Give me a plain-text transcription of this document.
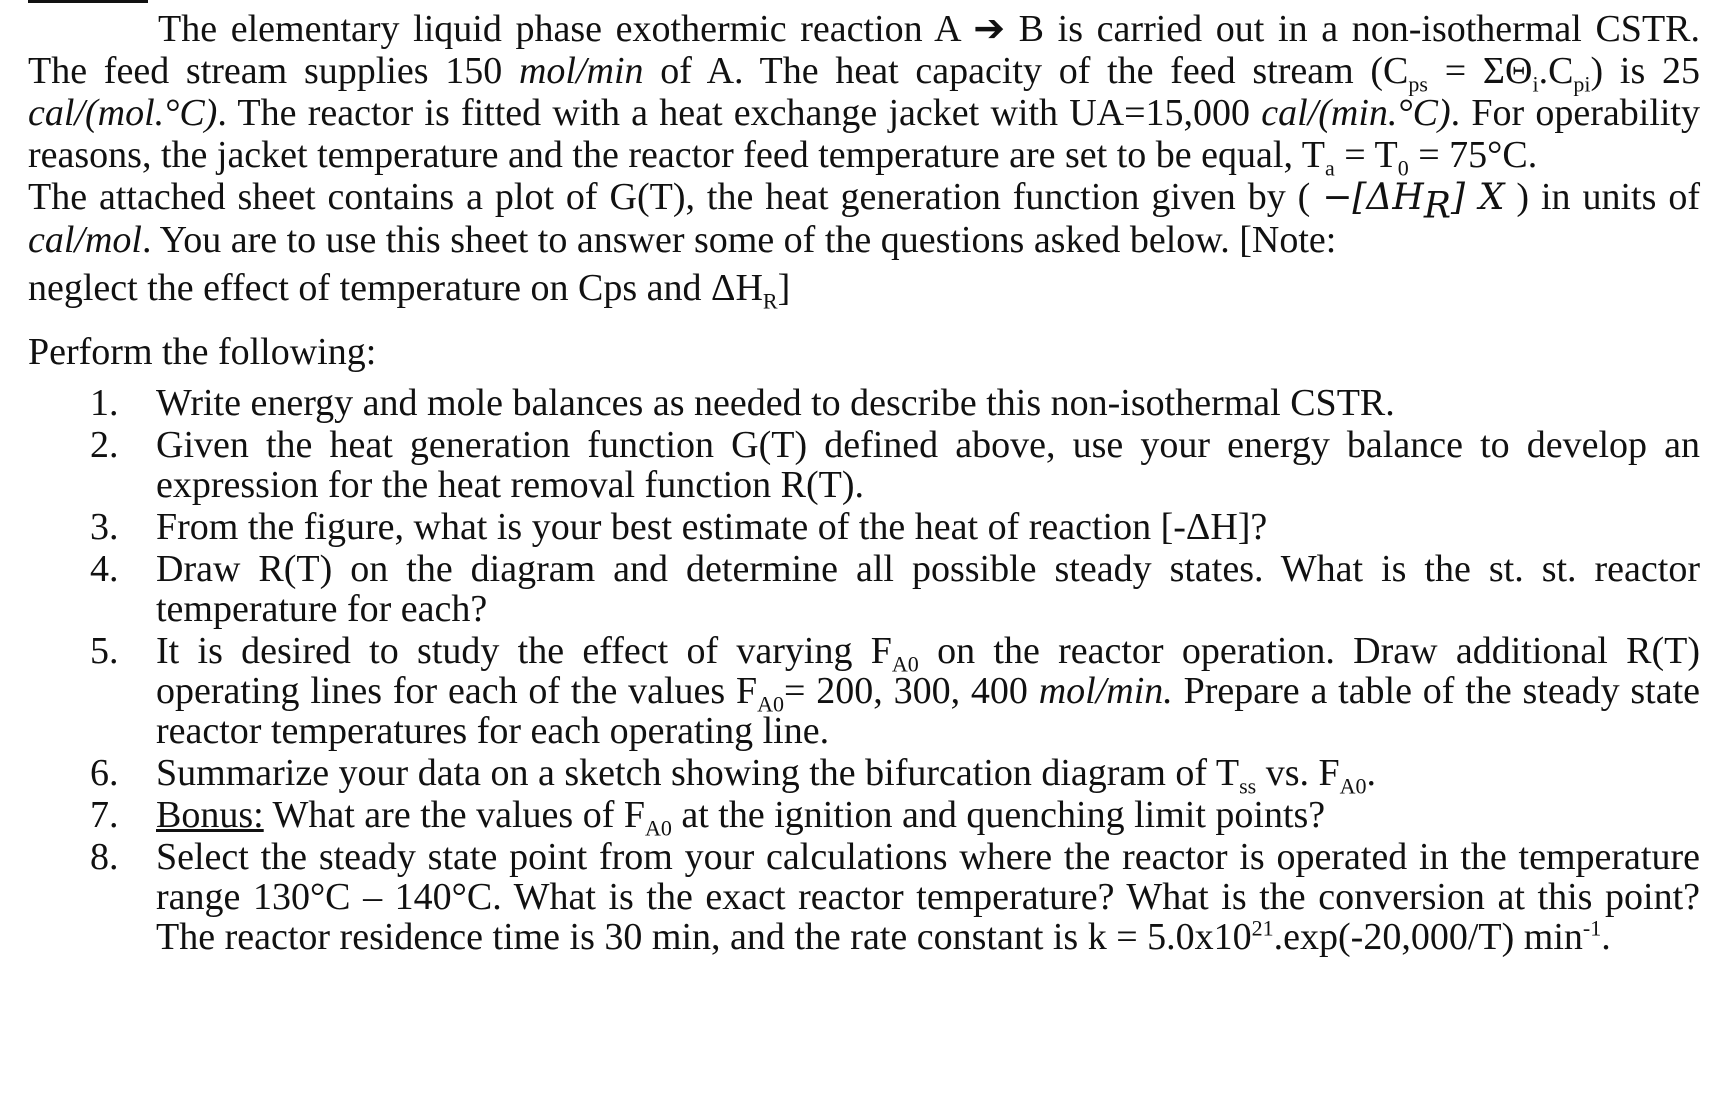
The elementary liquid phase exothermic reaction A ➔ B is carried out in a non-isothermal CSTR. The feed stream supplies 150 mol/min of A. The heat capacity of the feed stream $(C_{ps} = \Sigma\Theta_i.C_{pi})$ is 25 cal/(mol.°C). The reactor is fitted with a heat exchange jacket with UA=15,000 cal/(min.°C). For operability reasons, the jacket temperature and the reactor feed temperature are set to be equal, $T_a = T_0 = 75^\circ C$.

The attached sheet contains a plot of G(T), the heat generation function given by ( $-[\Delta H_R]$ X ) in units of cal/mol. You are to use this sheet to answer some of the questions asked below. [Note:
neglect the effect of temperature on Cps and $\Delta H_R$]

Perform the following:

1. Write energy and mole balances as needed to describe this non-isothermal CSTR.
2. Given the heat generation function G(T) defined above, use your energy balance to develop an expression for the heat removal function R(T).
3. From the figure, what is your best estimate of the heat of reaction [-ΔH]?
4. Draw R(T) on the diagram and determine all possible steady states. What is the st. st. reactor temperature for each?
5. It is desired to study the effect of varying $F_{A0}$ on the reactor operation. Draw additional R(T) operating lines for each of the values $F_{A0}= 200$, 300, 400 mol/min. Prepare a table of the steady state reactor temperatures for each operating line.
6. Summarize your data on a sketch showing the bifurcation diagram of $T_{ss}$ vs. $F_{A0}$.
7. Bonus: What are the values of $F_{A0}$ at the ignition and quenching limit points?
8. Select the steady state point from your calculations where the reactor is operated in the temperature range 130°C – 140°C. What is the exact reactor temperature? What is the conversion at this point? The reactor residence time is 30 min, and the rate constant is $k = 5.0x10^{21}.\exp(-20,000/T)$ $\min^{-1}$.
